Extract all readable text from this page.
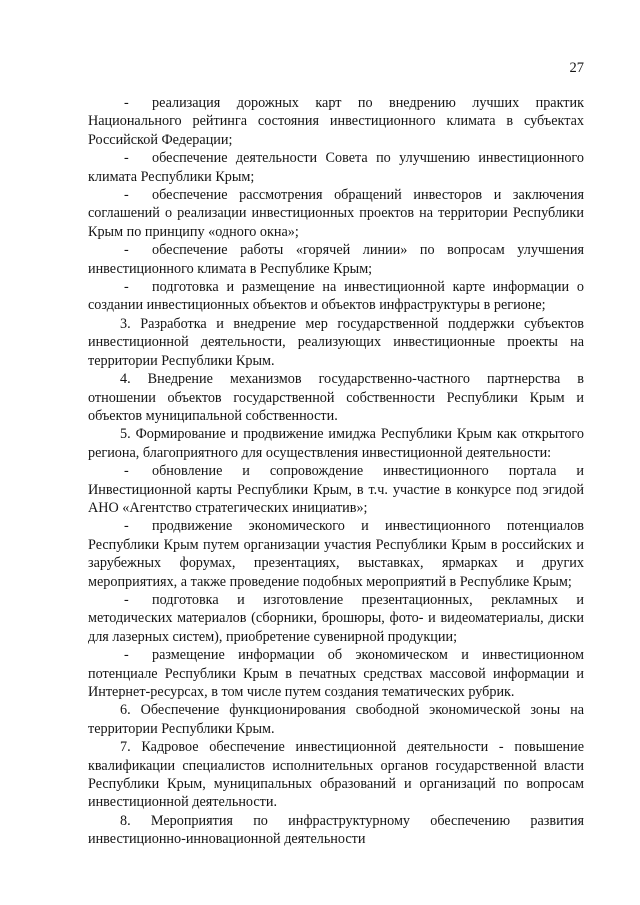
27

- реализация дорожных карт по внедрению лучших практик Национального рейтинга состояния инвестиционного климата в субъектах Российской Федерации;

- обеспечение деятельности Совета по улучшению инвестиционного климата Республики Крым;

- обеспечение рассмотрения обращений инвесторов и заключения соглашений о реализации инвестиционных проектов на территории Республики Крым по принципу «одного окна»;

- обеспечение работы «горячей линии» по вопросам улучшения инвестиционного климата в Республике Крым;

- подготовка и размещение на инвестиционной карте информации о создании инвестиционных объектов и объектов инфраструктуры в регионе;

3. Разработка и внедрение мер государственной поддержки субъектов инвестиционной деятельности, реализующих инвестиционные проекты на территории Республики Крым.

4. Внедрение механизмов государственно-частного партнерства в отношении объектов государственной собственности Республики Крым и объектов муниципальной собственности.

5. Формирование и продвижение имиджа Республики Крым как открытого региона, благоприятного для осуществления инвестиционной деятельности:

- обновление и сопровождение инвестиционного портала и Инвестиционной карты Республики Крым, в т.ч. участие в конкурсе под эгидой АНО «Агентство стратегических инициатив»;

- продвижение экономического и инвестиционного потенциалов Республики Крым путем организации участия Республики Крым в российских и зарубежных форумах, презентациях, выставках, ярмарках и других мероприятиях, а также проведение подобных мероприятий в Республике Крым;

- подготовка и изготовление презентационных, рекламных и методических материалов (сборники, брошюры, фото- и видеоматериалы, диски для лазерных систем), приобретение сувенирной продукции;

- размещение информации об экономическом и инвестиционном потенциале Республики Крым в печатных средствах массовой информации и Интернет-ресурсах, в том числе путем создания тематических рубрик.

6. Обеспечение функционирования свободной экономической зоны на территории Республики Крым.

7. Кадровое обеспечение инвестиционной деятельности - повышение квалификации специалистов исполнительных органов государственной власти Республики Крым, муниципальных образований и организаций по вопросам инвестиционной деятельности.

8. Мероприятия по инфраструктурному обеспечению развития инвестиционно-инновационной деятельности
